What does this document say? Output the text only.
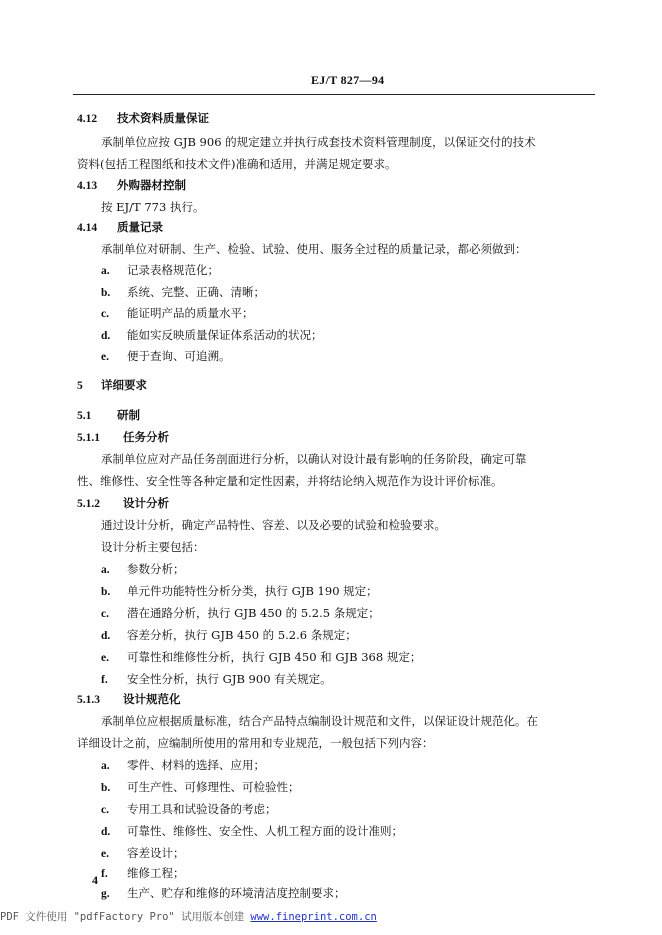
EJ/T 827—94
4.12 技术资料质量保证
承制单位应按 GJB 906 的规定建立并执行成套技术资料管理制度，以保证交付的技术
资料(包括工程图纸和技术文件)准确和适用，并满足规定要求。
4.13 外购器材控制
按 EJ/T 773 执行。
4.14 质量记录
承制单位对研制、生产、检验、试验、使用、服务全过程的质量记录，都必须做到：
a. 记录表格规范化；
b. 系统、完整、正确、清晰；
c. 能证明产品的质量水平；
d. 能如实反映质量保证体系活动的状况；
e. 便于查询、可追溯。
5 详细要求
5.1 研制
5.1.1 任务分析
承制单位应对产品任务剖面进行分析，以确认对设计最有影响的任务阶段，确定可靠
性、维修性、安全性等各种定量和定性因素，并将结论纳入规范作为设计评价标准。
5.1.2 设计分析
通过设计分析，确定产品特性、容差、以及必要的试验和检验要求。
设计分析主要包括：
a. 参数分析；
b. 单元件功能特性分析分类，执行 GJB 190 规定；
c. 潜在通路分析，执行 GJB 450 的 5.2.5 条规定；
d. 容差分析，执行 GJB 450 的 5.2.6 条规定；
e. 可靠性和维修性分析，执行 GJB 450 和 GJB 368 规定；
f. 安全性分析，执行 GJB 900 有关规定。
5.1.3 设计规范化
承制单位应根据质量标准，结合产品特点编制设计规范和文件，以保证设计规范化。在
详细设计之前，应编制所使用的常用和专业规范，一般包括下列内容：
a. 零件、材料的选择、应用；
b. 可生产性、可修理性、可检验性；
c. 专用工具和试验设备的考虑；
d. 可靠性、维修性、安全性、人机工程方面的设计准则；
e. 容差设计；
f. 维修工程；
g. 生产、贮存和维修的环境清洁度控制要求；
4
PDF 文件使用 "pdfFactory Pro" 试用版本创建 www.fineprint.com.cn
